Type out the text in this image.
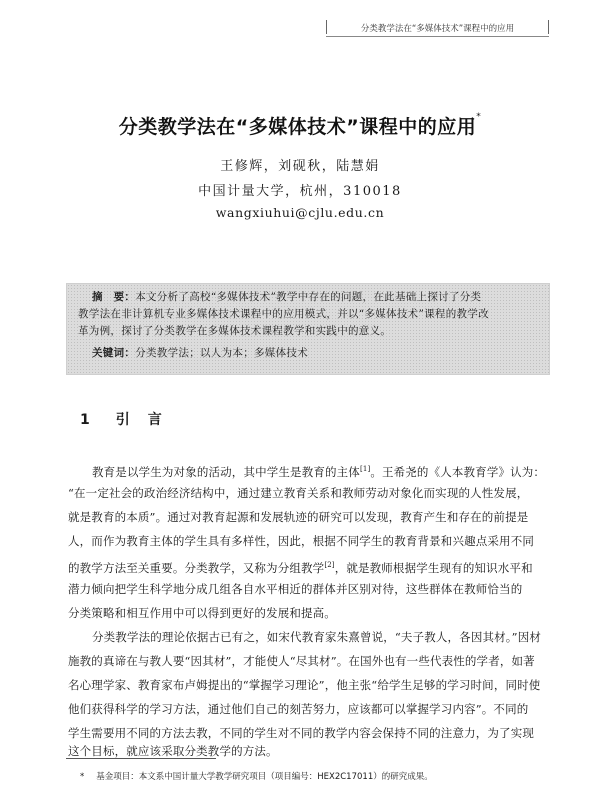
分类教学法在“多媒体技术”课程中的应用
分类教学法在“多媒体技术”课程中的应用*
王修辉，刘砚秋，陆慧娟
中国计量大学，杭州，310018
wangxiuhui@cjlu.edu.cn
摘　要：本文分析了高校“多媒体技术”教学中存在的问题，在此基础上探讨了分类
教学法在非计算机专业多媒体技术课程中的应用模式，并以“多媒体技术”课程的教学改
革为例，探讨了分类教学在多媒体技术课程教学和实践中的意义。
关键词：分类教学法；以人为本；多媒体技术
1 引　言
教育是以学生为对象的活动，其中学生是教育的主体[1]。王希尧的《人本教育学》认为：
“在一定社会的政治经济结构中，通过建立教育关系和教师劳动对象化而实现的人性发展，
就是教育的本质”。通过对教育起源和发展轨迹的研究可以发现，教育产生和存在的前提是
人，而作为教育主体的学生具有多样性，因此，根据不同学生的教育背景和兴趣点采用不同
的教学方法至关重要。分类教学，又称为分组教学[2]，就是教师根据学生现有的知识水平和
潜力倾向把学生科学地分成几组各自水平相近的群体并区别对待，这些群体在教师恰当的
分类策略和相互作用中可以得到更好的发展和提高。
分类教学法的理论依据古已有之，如宋代教育家朱熹曾说，“夫子教人，各因其材。”因材
施教的真谛在与教人要“因其材”，才能使人“尽其材”。在国外也有一些代表性的学者，如著
名心理学家、教育家布卢姆提出的“掌握学习理论”，他主张“给学生足够的学习时间，同时使
他们获得科学的学习方法，通过他们自己的刻苦努力，应该都可以掌握学习内容”。不同的
学生需要用不同的方法去教，不同的学生对不同的教学内容会保持不同的注意力，为了实现
这个目标，就应该采取分类教学的方法。
* 基金项目：本文系中国计量大学教学研究项目（项目编号：HEX2C17011）的研究成果。
